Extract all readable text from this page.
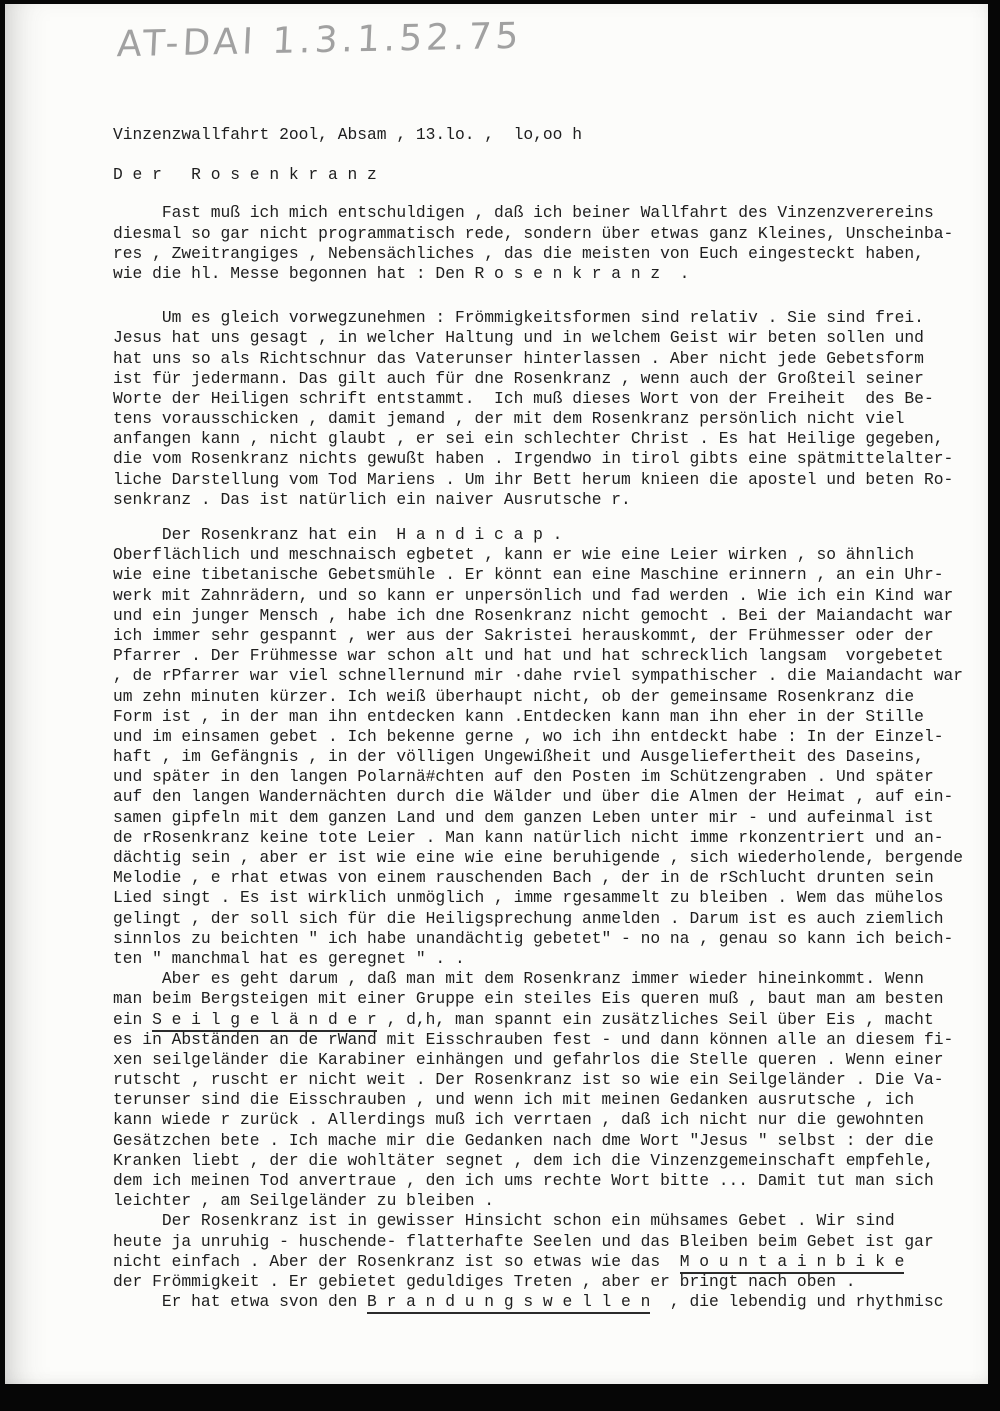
AT-DAI 1.3.1.52.75
Vinzenzwallfahrt 2ool, Absam , 13.lo. ,  lo,oo h
D e r   R o s e n k r a n z
Fast muß ich mich entschuldigen , daß ich beiner Wallfahrt des Vinzenzverereins
diesmal so gar nicht programmatisch rede, sondern über etwas ganz Kleines, Unscheinba-
res , Zweitrangiges , Nebensächliches , das die meisten von Euch eingesteckt haben,
wie die hl. Messe begonnen hat : Den R o s e n k r a n z  .
Um es gleich vorwegzunehmen : Frömmigkeitsformen sind relativ . Sie sind frei.
Jesus hat uns gesagt , in welcher Haltung und in welchem Geist wir beten sollen und
hat uns so als Richtschnur das Vaterunser hinterlassen . Aber nicht jede Gebetsform
ist für jedermann. Das gilt auch für dne Rosenkranz , wenn auch der Großteil seiner
Worte der Heiligen schrift entstammt.  Ich muß dieses Wort von der Freiheit  des Be-
tens vorausschicken , damit jemand , der mit dem Rosenkranz persönlich nicht viel
anfangen kann , nicht glaubt , er sei ein schlechter Christ . Es hat Heilige gegeben,
die vom Rosenkranz nichts gewußt haben . Irgendwo in tirol gibts eine spätmittelalter-
liche Darstellung vom Tod Mariens . Um ihr Bett herum knieen die apostel und beten Ro-
senkranz . Das ist natürlich ein naiver Ausrutsche r.
Der Rosenkranz hat ein  H a n d i c a p .
Oberflächlich und meschnaisch egbetet , kann er wie eine Leier wirken , so ähnlich
wie eine tibetanische Gebetsmühle . Er könnt ean eine Maschine erinnern , an ein Uhr-
werk mit Zahnrädern, und so kann er unpersönlich und fad werden . Wie ich ein Kind war
und ein junger Mensch , habe ich dne Rosenkranz nicht gemocht . Bei der Maiandacht war
ich immer sehr gespannt , wer aus der Sakristei herauskommt, der Frühmesser oder der
Pfarrer . Der Frühmesse war schon alt und hat und hat schrecklich langsam  vorgebetet
, de rPfarrer war viel schnellernund mir ·dahe rviel sympathischer . die Maiandacht war
um zehn minuten kürzer. Ich weiß überhaupt nicht, ob der gemeinsame Rosenkranz die
Form ist , in der man ihn entdecken kann .Entdecken kann man ihn eher in der Stille
und im einsamen gebet . Ich bekenne gerne , wo ich ihn entdeckt habe : In der Einzel-
haft , im Gefängnis , in der völligen Ungewißheit und Ausgeliefertheit des Daseins,
und später in den langen Polarnä#chten auf den Posten im Schützengraben . Und später
auf den langen Wandernächten durch die Wälder und über die Almen der Heimat , auf ein-
samen gipfeln mit dem ganzen Land und dem ganzen Leben unter mir - und aufeinmal ist
de rRosenkranz keine tote Leier . Man kann natürlich nicht imme rkonzentriert und an-
dächtig sein , aber er ist wie eine wie eine beruhigende , sich wiederholende, bergende
Melodie , e rhat etwas von einem rauschenden Bach , der in de rSchlucht drunten sein
Lied singt . Es ist wirklich unmöglich , imme rgesammelt zu bleiben . Wem das mühelos
gelingt , der soll sich für die Heiligsprechung anmelden . Darum ist es auch ziemlich
sinnlos zu beichten " ich habe unandächtig gebetet" - no na , genau so kann ich beich-
ten " manchmal hat es geregnet " . .
Aber es geht darum , daß man mit dem Rosenkranz immer wieder hineinkommt. Wenn
man beim Bergsteigen mit einer Gruppe ein steiles Eis queren muß , baut man am besten
ein S e i l g e l ä n d e r , d,h, man spannt ein zusätzliches Seil über Eis , macht
es in Abständen an de rWand mit Eisschrauben fest - und dann können alle an diesem fi-
xen seilgeländer die Karabiner einhängen und gefahrlos die Stelle queren . Wenn einer
rutscht , ruscht er nicht weit . Der Rosenkranz ist so wie ein Seilgeländer . Die Va-
terunser sind die Eisschrauben , und wenn ich mit meinen Gedanken ausrutsche , ich
kann wiede r zurück . Allerdings muß ich verrtaen , daß ich nicht nur die gewohnten
Gesätzchen bete . Ich mache mir die Gedanken nach dme Wort "Jesus " selbst : der die
Kranken liebt , der die wohltäter segnet , dem ich die Vinzenzgemeinschaft empfehle,
dem ich meinen Tod anvertraue , den ich ums rechte Wort bitte ... Damit tut man sich
leichter , am Seilgeländer zu bleiben .
Der Rosenkranz ist in gewisser Hinsicht schon ein mühsames Gebet . Wir sind
heute ja unruhig - huschende- flatterhafte Seelen und das Bleiben beim Gebet ist gar
nicht einfach . Aber der Rosenkranz ist so etwas wie das  M o u n t a i n b i k e
der Frömmigkeit . Er gebietet geduldiges Treten , aber er bringt nach oben .
Er hat etwa svon den B r a n d u n g s w e l l e n  , die lebendig und rhythmisc
